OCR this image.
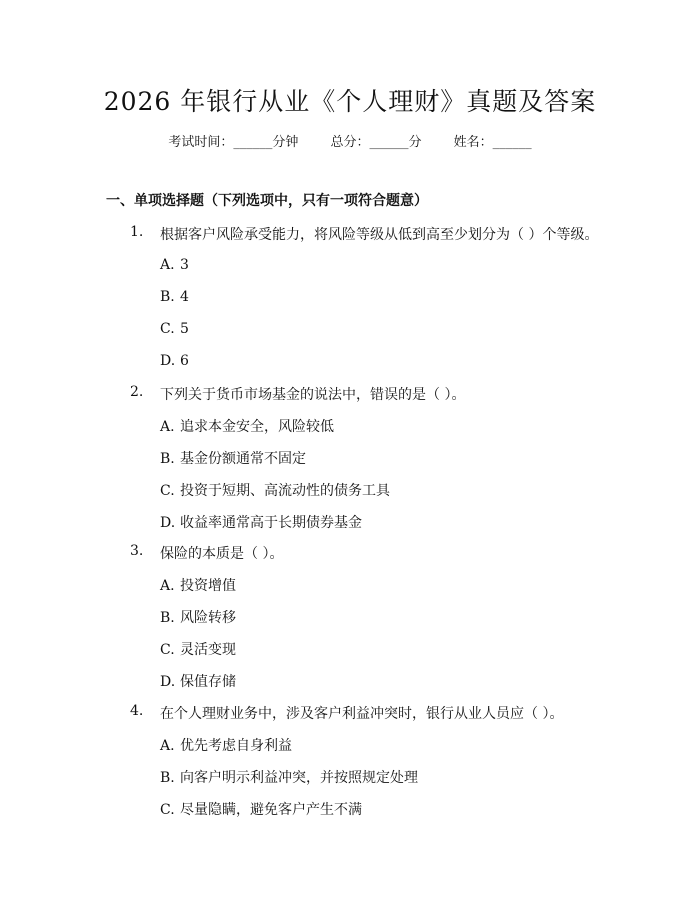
2026 年银行从业《个人理财》真题及答案
考试时间：______分钟 总分：______分 姓名：______
一、单项选择题（下列选项中，只有一项符合题意）
1. 根据客户风险承受能力，将风险等级从低到高至少划分为（ ）个等级。
A. 3
B. 4
C. 5
D. 6
2. 下列关于货币市场基金的说法中，错误的是（ ）。
A. 追求本金安全，风险较低
B. 基金份额通常不固定
C. 投资于短期、高流动性的债务工具
D. 收益率通常高于长期债券基金
3. 保险的本质是（ ）。
A. 投资增值
B. 风险转移
C. 灵活变现
D. 保值存储
4. 在个人理财业务中，涉及客户利益冲突时，银行从业人员应（ ）。
A. 优先考虑自身利益
B. 向客户明示利益冲突，并按照规定处理
C. 尽量隐瞒，避免客户产生不满
